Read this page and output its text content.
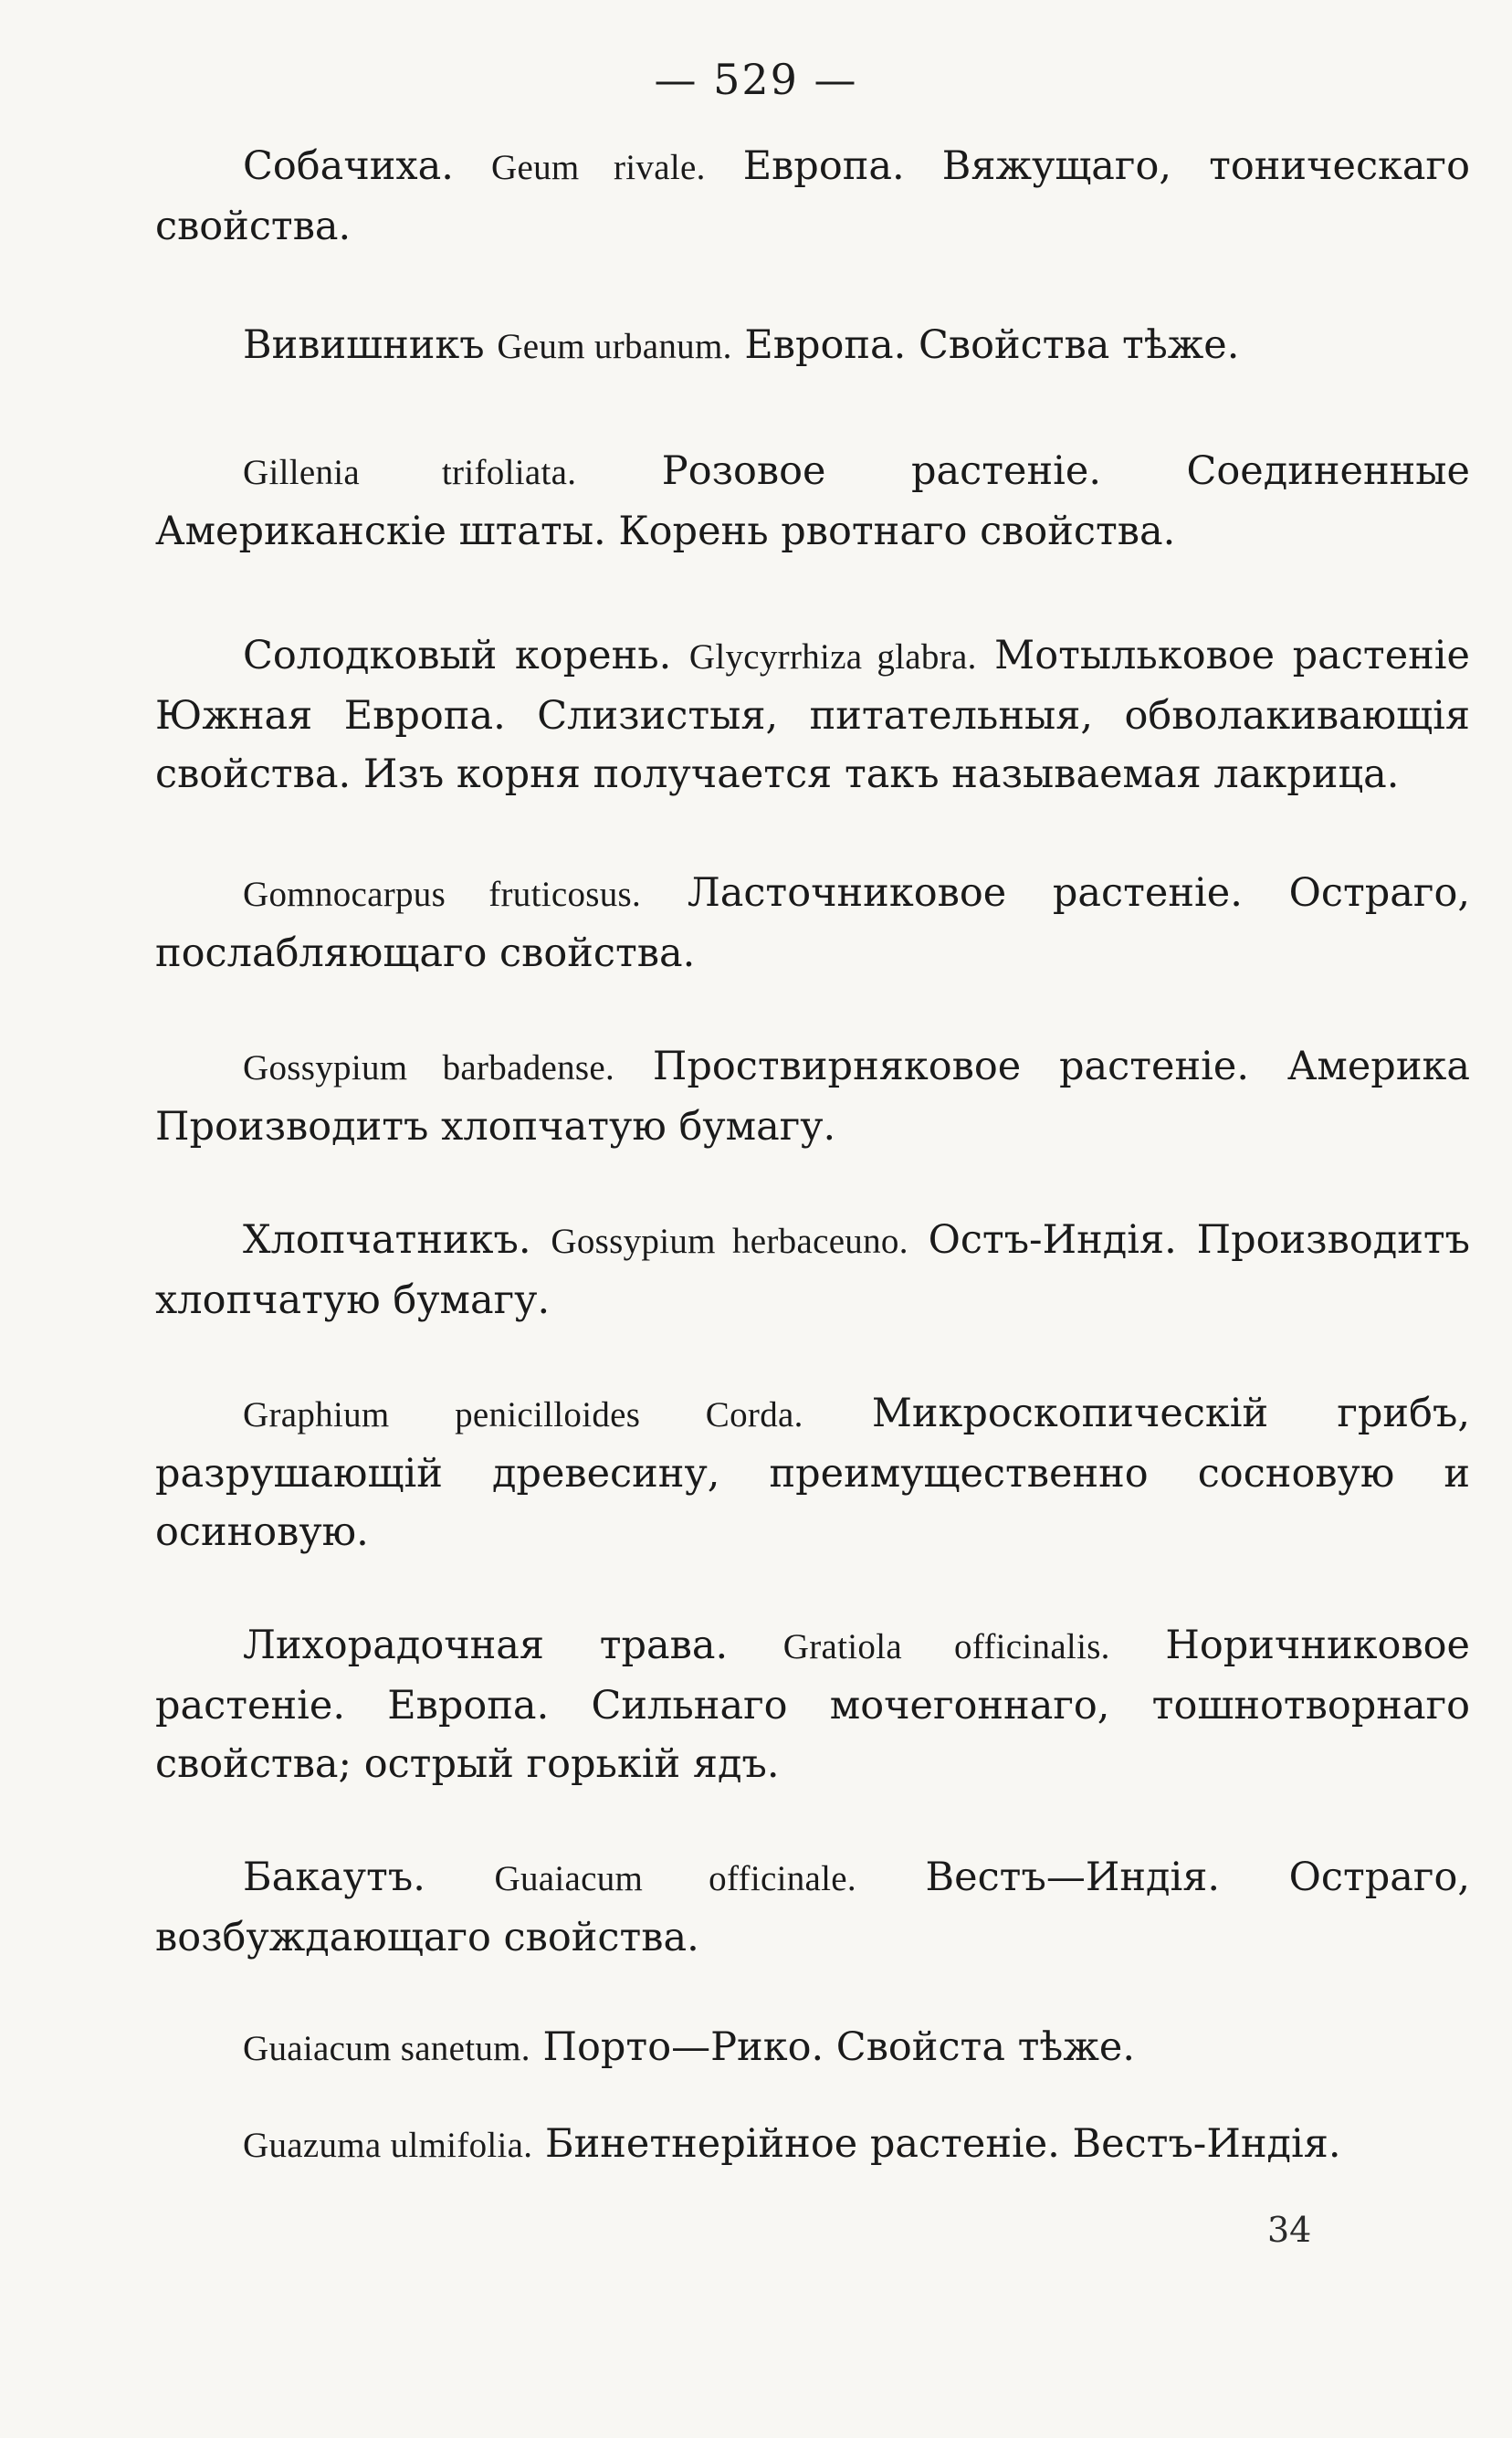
— 529 —

Собачиха. Geum rivale. Европа. Вяжущаго, тоническаго свойства.

Вивишникъ Geum urbanum. Европа. Свойства тѣже.

Gillenia trifoliata. Розовое растенiе. Соединенные Американскiе штаты. Корень рвотнаго свойства.

Солодковый корень. Glycyrrhiza glabra. Мотыльковое растенiе Южная Европа. Слизистыя, питательныя, обволакивающiя свойства. Изъ корня получается такъ называемая лакрица.

Gomnocarpus fruticosus. Ласточниковое растенiе. Остраго, послабляющаго свойства.

Gossypium barbadense. Проствирняковое растенiе. Америка Производитъ хлопчатую бумагу.

Хлопчатникъ. Gossypium herbaceuno. Остъ-Индiя. Производитъ хлопчатую бумагу.

Graphium penicilloides Corda. Микроскопическiй грибъ, разрушающiй древесину, преимущественно сосновую и осиновую.

Лихорадочная трава. Gratiola officinalis. Норичниковое растенiе. Европа. Сильнаго мочегоннаго, тошнотворнаго свойства; острый горькiй ядъ.

Бакаутъ. Guaiacum officinale. Вестъ—Индiя. Остраго, возбуждающаго свойства.

Guaiacum sanetum. Порто—Рико. Свойста тѣже.

Guazuma ulmifolia. Бинетнерiйное растенiе. Вестъ-Индiя.

34
